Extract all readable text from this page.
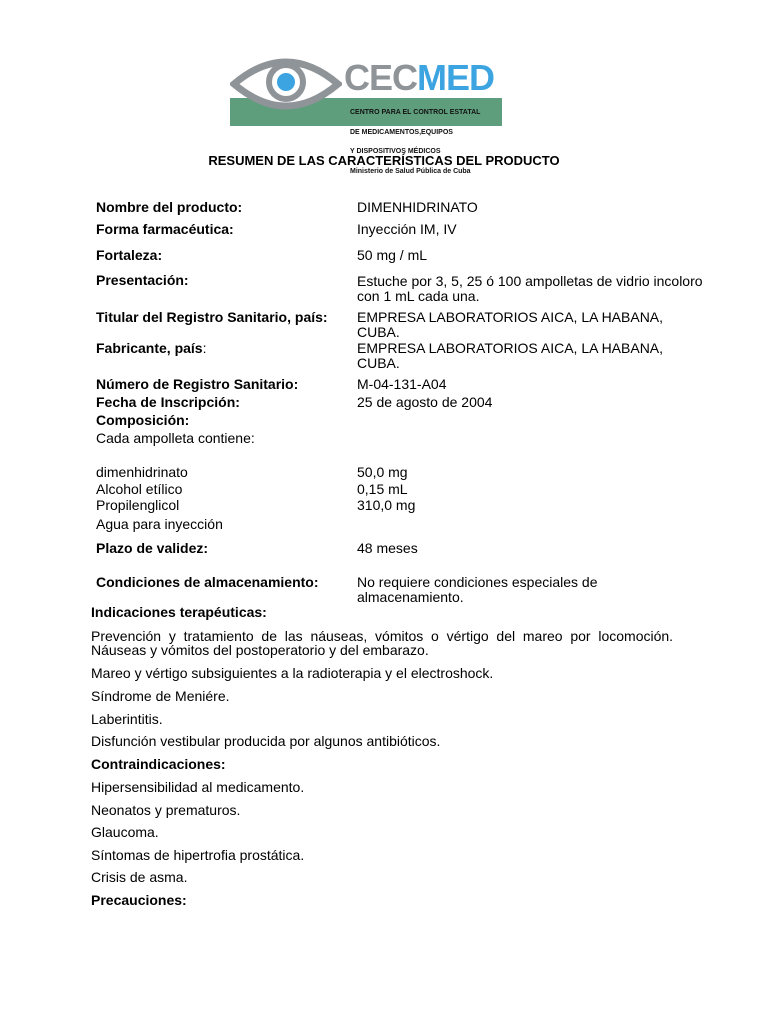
CECMED

CENTRO PARA EL CONTROL ESTATAL

DE MEDICAMENTOS,EQUIPOS

Y DISPOSITIVOS MÉDICOS

Ministerio de Salud Pública de Cuba

RESUMEN DE LAS CARACTERÍSTICAS DEL PRODUCTO
Nombre del producto:	DIMENHIDRINATO
Forma farmacéutica:	Inyección IM, IV
Fortaleza:	50 mg / mL
Presentación:	Estuche por 3, 5, 25 ó 100 ampolletas de vidrio incoloro
con 1 mL cada una.
Titular del Registro Sanitario, país: EMPRESA LABORATORIOS AICA, LA HABANA,
CUBA.
Fabricante, país:	EMPRESA LABORATORIOS AICA, LA HABANA,
CUBA.
Número de Registro Sanitario:	M-04-131-A04
Fecha de Inscripción:	25 de agosto de 2004
Composición:
Cada ampolleta contiene:
dimenhidrinato	50,0 mg
Alcohol etílico	0,15 mL
Propilenglicol	310,0 mg
Agua para inyección
Plazo de validez:	48 meses
Condiciones de almacenamiento:	No requiere condiciones especiales de
almacenamiento.
Indicaciones terapéuticas:
Prevención  y  tratamiento  de  las  náuseas,  vómitos  o  vértigo  del  mareo  por  locomoción.
Náuseas y vómitos del postoperatorio y del embarazo.
Mareo y vértigo subsiguientes a la radioterapia y el electroshock.
Síndrome de Meniére.
Laberintitis.
Disfunción vestibular producida por algunos antibióticos.
Contraindicaciones:
Hipersensibilidad al medicamento.
Neonatos y prematuros.
Glaucoma.
Síntomas de hipertrofia prostática.
Crisis de asma.
Precauciones:
